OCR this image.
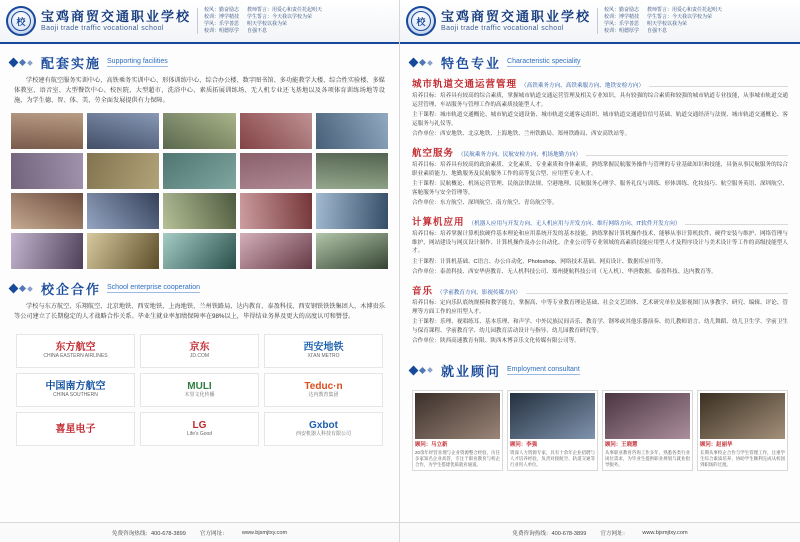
校	宝鸡商贸交通职业学校
Baoji trade traffic vocational school
校风：勤奋励志 教师誓言：用爱心和责任托起明天
校训：博学精技 学生誓言：今天我以学校为荣
学风：乐学善思 明天学校以我为荣
校训：明德厚学 自强不息
配套实施 Supporting facilities
学校建有航空服务实训中心、高铁乘务实训中心、形体训练中心、综合办公楼、数字图书馆、多功能教学大楼、综合性实验楼、多媒体教室、语音室、大型餐饮中心、校医院、大型超市、洗浴中心、素质拓展训练场、无人机专业还飞基地以及各项体育训练场地等设施，为学生德、智、体、美、劳全面发展提供有力保障。
校企合作 School enterprise cooperation
学校与东方航空、乐翔航空、北京地铁、西安地铁、上海地铁、兰州铁路局、达内教育、泰盈科技、西安钢铁铁铁集团人、木博贵乐等公司建立了长期稳定的人才战略合作关系。毕业生就业率加绩保障率在98%以上，毕得结业务界及更大的高度认可和赞誉。
东方航空
CHINA EASTERN AIRLINES
京东
JD.COM
西安地铁
XI'AN METRO
中国南方航空
CHINA SOUTHERN
MULI
木里文化传播
Teduc·n
达内教育集团
喜星电子	LG
Life's Good
Gxbot
西安机器人科技有限公司
免费咨询热线：400-678-3899	官方网址：	www.bjsmjtxy.com
校	宝鸡商贸交通职业学校
Baoji trade traffic vocational school
校风：勤奋励志 教师誓言：用爱心和责任托起明天
校训：博学精技 学生誓言：今天我以学校为荣
学风：乐学善思 明天学校以我为荣
校训：明德厚学 自强不息
特色专业 Characteristic speciality
城市轨道交通运营管理 （高铁乘务方向、高铁乘服方向、地铁安检方向）
培养目标：培养具有较高的综合素质，掌握城市轨道交通运营管理及相关专业知识，具有较强的综合素质和较强的城市轨道专业技能，从事城市轨道交通运营管理、车站服务与管理工作的高素质技能型人才。
主干课程：城市轨道交通概论、城市轨道交通设备、城市轨道交通客运组织、城市轨道交通通信信号基础、轨道交通经济与法规、城市轨道交通概论、客运服务与礼仪等。
合作单位：西安地铁、北京地铁、上海地铁、兰州铁路局、郑州铁路局、西安高铁站等。
航空服务 （民航乘务方向、民航安检方向、机场地勤方向）
培养目标：培养具有较高的政治素质、文化素质、专业素质和身体素质，熟练掌握民航服务操作与管理的专业基础知识和技能，具备从事民航服务的综合职业素质能力、地勤服务及民航服务工作的高等复合型、应用型专业人才。
主干课程：民航概论、机场运营管理、民航法律法规、空港地理、民航服务心理学、服务礼仪与训练、形体训练、化妆技巧、航空服务英语、深圳航空、客舱服务与安全管理等。
合作单位：东方航空、深圳航空、南方航空、青岛航空等。
计算机应用 （机器人应用与开发方向、无人机应用与开发方向、维行网络方向、IT软件开发方向）
培养目标：培养掌握计算机软硬件基本理论和应用系统开发的基本技能，熟练掌握计算机操作技术，能够从事计算机软件、硬件安装与维护、网络管理与维护、网站建设与网页设计制作、计算机操作及办公自动化、企业公司等专业领域的高素质技能应用型人才及程序设计与美术设计等工作的高级技能型人才。
主干课程：计算机基础、C语言、办公自动化、Photoshop、网络技术基础、网页设计、数据库应用等。
合作单位：泰盈科技、西安华唐教育、无人机科技公司、郑州捷航科技公司（无人机）、华唐数据、泰盈科技、达内教育等。
音乐 （学前教育方向、影视传媒方向）
培养目标：定向乐队底统规模和教学能力，掌握高、中等专业教育理论基础、社会文艺团体、艺术研究单位及影视图门从事教学、研究、编辑、评论、管理等方面工作的应用型人才。
主干课程：乐理、视唱练耳、基本乐理、和声学、中外民族民间音乐、教育学、钢琴或其他乐器演奏、幼儿教师语言、幼儿舞蹈、幼儿卫生学、学前卫生与保育课程、学前教育学、幼儿园教育活动设计与指导、幼儿园教育研究等。
合作单位：陕西高速教育有限、陕西木博音乐文化传媒有限公司等。
就业顾问 Employment consultant
顾问：马立新
20余年经营业理与企业资源整合经验，历任多家知名企业高管，专注于职业教育与校企合作，为学生搭建优质就业通道。
顾问：李强
资深人力资源专家，具有十余年企业招聘与人才培养经验，负责对接航空、轨道交通等行业用人单位。
顾问：王晓慧
从事职业教育咨询工作多年，熟悉各类行业岗位需求，为毕业生提供职业规划与就业指导服务。
顾问：赵丽华
长期从事校企合作与学生管理工作，注重学生综合素质培养，协助学生顺利完成从校园到职场的过渡。
免费咨询热线：400-678-3899	官方网址：	www.bjsmjtxy.com
